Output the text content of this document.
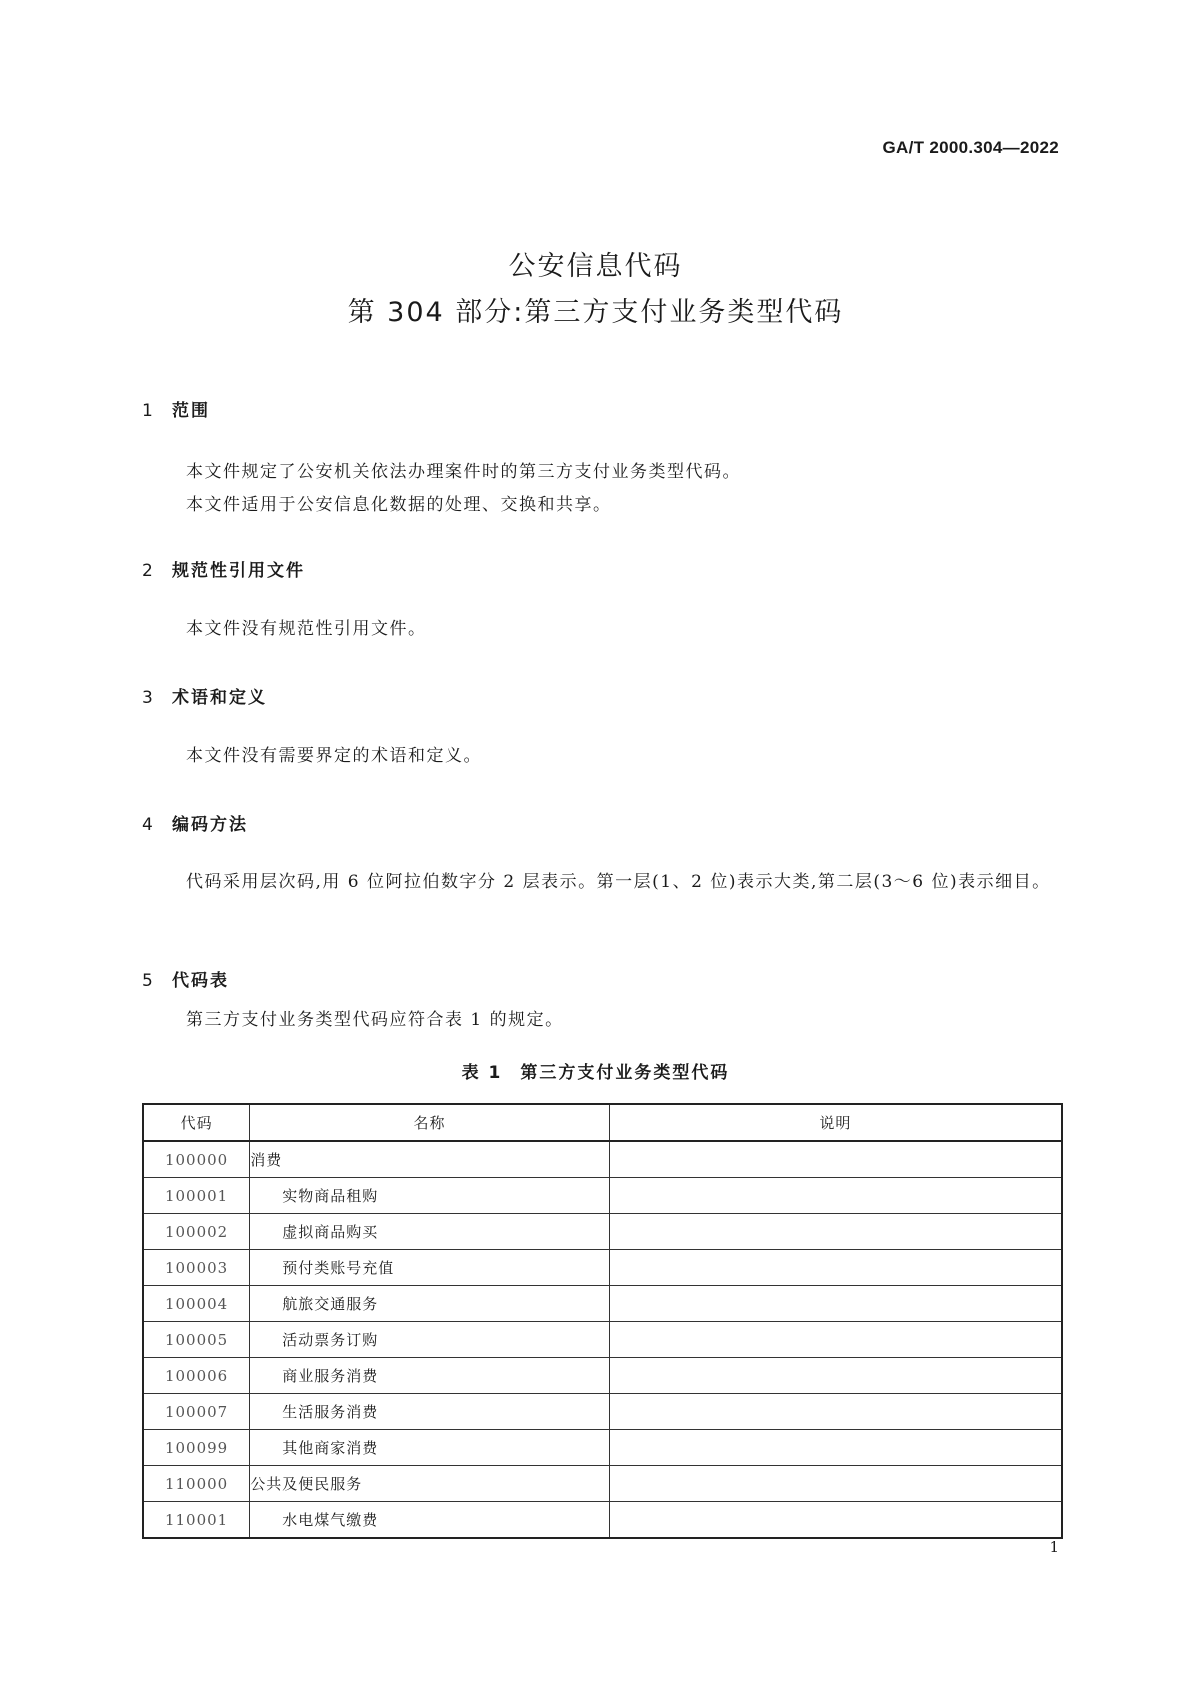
GA/T 2000.304—2022
公安信息代码
第 304 部分:第三方支付业务类型代码
1 范围
本文件规定了公安机关依法办理案件时的第三方支付业务类型代码。
本文件适用于公安信息化数据的处理、交换和共享。
2 规范性引用文件
本文件没有规范性引用文件。
3 术语和定义
本文件没有需要界定的术语和定义。
4 编码方法
代码采用层次码,用 6 位阿拉伯数字分 2 层表示。第一层(1、2 位)表示大类,第二层(3～6 位)表示细目。
5 代码表
第三方支付业务类型代码应符合表 1 的规定。
表 1 第三方支付业务类型代码
代码	名称	说明
100000	消费	
100001	实物商品租购	
100002	虚拟商品购买	
100003	预付类账号充值	
100004	航旅交通服务	
100005	活动票务订购	
100006	商业服务消费	
100007	生活服务消费	
100099	其他商家消费	
110000	公共及便民服务	
110001	水电煤气缴费	
1
